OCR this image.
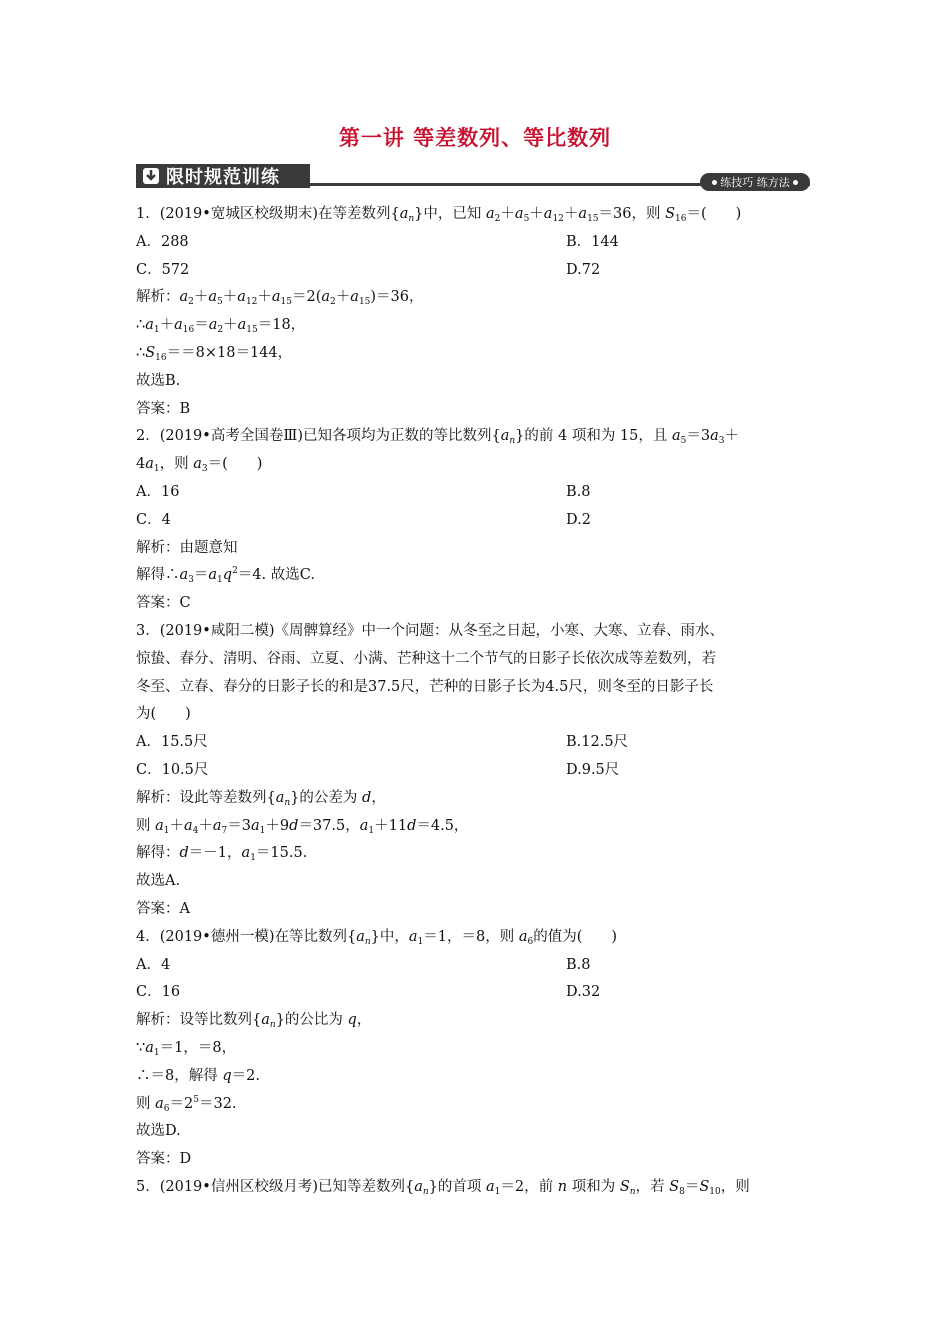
第一讲 等差数列、等比数列
限时规范训练	练技巧 练方法
1．(2019•宽城区校级期末)在等差数列$\{a_n\}$中，已知 $a_2+a_5+a_{12}+a_{15}=36$，则 $S_{16}=$(　　)
A．288	B．144
C．572	D.72
解析：$a_2+a_5+a_{12}+a_{15}=2(a_2+a_{15})=36$，
$\therefore a_1+a_{16}=a_2+a_{15}=18$，
$\therefore S_{16}==8\times 18=144$，
故选B.
答案：B
2．(2019•高考全国卷Ⅲ)已知各项均为正数的等比数列$\{a_n\}$的前 4 项和为 15，且 $a_5=3a_3+$
$4a_1$，则 $a_3=$(　　)
A．16	B.8
C．4	D.2
解析：由题意知
解得$\therefore a_3=a_1q^2=4$. 故选C.
答案：C
3．(2019•咸阳二模)《周髀算经》中一个问题：从冬至之日起，小寒、大寒、立春、雨水、
惊蛰、春分、清明、谷雨、立夏、小满、芒种这十二个节气的日影子长依次成等差数列，若
冬至、立春、春分的日影子长的和是37.5尺，芒种的日影子长为4.5尺，则冬至的日影子长
为(　　)
A．15.5尺	B.12.5尺
C．10.5尺	D.9.5尺
解析：设此等差数列$\{a_n\}$的公差为 d，
则 $a_1+a_4+a_7=3a_1+9d=37.5$，$a_1+11d=4.5$，
解得：d＝－1，$a_1=15.5$.
故选A.
答案：A
4．(2019•德州一模)在等比数列$\{a_n\}$中，$a_1=1$，＝8，则 $a_6$的值为(　　)
A．4	B.8
C．16	D.32
解析：设等比数列$\{a_n\}$的公比为 q，
$\because a_1=1$，＝8，
∴＝8，解得 q＝2.
则 $a_6=2^5=32$.
故选D.
答案：D
5．(2019•信州区校级月考)已知等差数列$\{a_n\}$的首项 $a_1=2$，前 n 项和为 $S_n$，若 $S_8=S_{10}$，则
